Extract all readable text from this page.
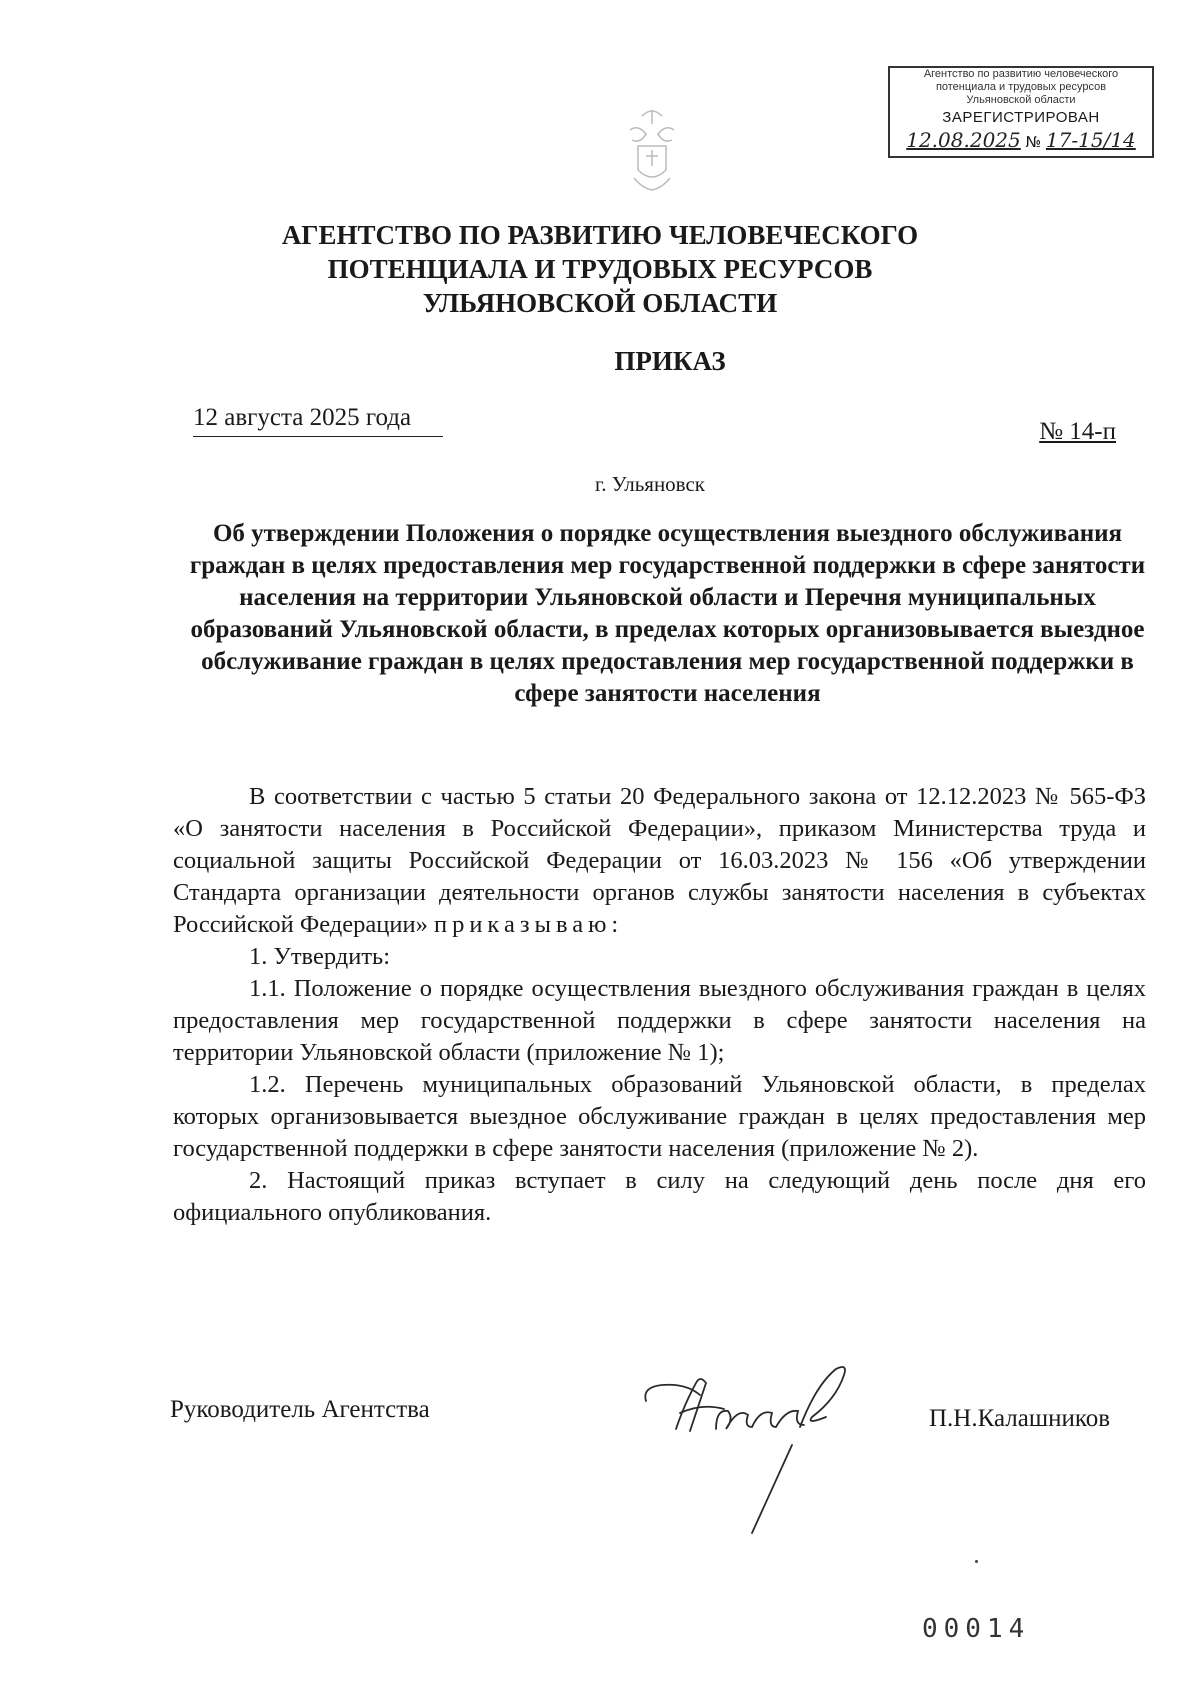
Агентство по развитию человеческого
потенциала и трудовых ресурсов
Ульяновской области
ЗАРЕГИСТРИРОВАН
12.08.2025 № 17-15/14
АГЕНТСТВО ПО РАЗВИТИЮ ЧЕЛОВЕЧЕСКОГО
ПОТЕНЦИАЛА И ТРУДОВЫХ РЕСУРСОВ
УЛЬЯНОВСКОЙ ОБЛАСТИ
ПРИКАЗ
12 августа 2025 года
№ 14-п
г. Ульяновск
Об утверждении Положения о порядке осуществления выездного обслуживания граждан в целях предоставления мер государственной поддержки в сфере занятости населения на территории Ульяновской области и Перечня муниципальных образований Ульяновской области, в пределах которых организовывается выездное обслуживание граждан в целях предоставления мер государственной поддержки в сфере занятости населения

В соответствии с частью 5 статьи 20 Федерального закона от 12.12.2023 № 565-ФЗ «О занятости населения в Российской Федерации», приказом Министерства труда и социальной защиты Российской Федерации от 16.03.2023 № 156 «Об утверждении Стандарта организации деятельности органов службы занятости населения в субъектах Российской Федерации» приказываю:

1. Утвердить:

1.1. Положение о порядке осуществления выездного обслуживания граждан в целях предоставления мер государственной поддержки в сфере занятости населения на территории Ульяновской области (приложение № 1);

1.2. Перечень муниципальных образований Ульяновской области, в пределах которых организовывается выездное обслуживание граждан в целях предоставления мер государственной поддержки в сфере занятости населения (приложение № 2).

2. Настоящий приказ вступает в силу на следующий день после дня его официального опубликования.

Руководитель Агентства	П.Н.Калашников
00014
